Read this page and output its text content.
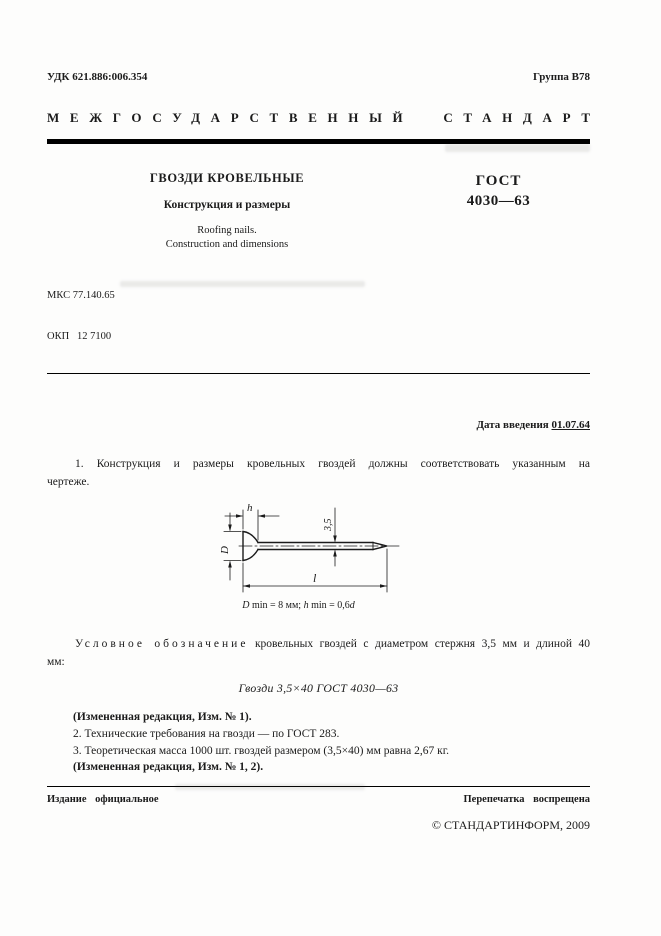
УДК 621.886:006.354	Группа В78
МЕЖГОСУДАРСТВЕННЫЙ СТАНДАРТ
ГВОЗДИ КРОВЕЛЬНЫЕ
Конструкция и размеры
Roofing nails.
Construction and dimensions
ГОСТ
4030—63

МКС 77.140.65

ОКП   12 7100

Дата введения 01.07.64

1. Конструкция и размеры кровельных гвоздей должны соответствовать указанным на чертеже.

h
D
3,5
l

D min = 8 мм; h min = 0,6d

Условное обозначение кровельных гвоздей с диаметром стержня 3,5 мм и длиной 40 мм:

Гвозди 3,5×40 ГОСТ 4030—63
(Измененная редакция, Изм. № 1).
2. Технические требования на гвозди — по ГОСТ 283.
3. Теоретическая масса 1000 шт. гвоздей размером (3,5×40) мм равна 2,67 кг.
(Измененная редакция, Изм. № 1, 2).
Издание официальное	Перепечатка воспрещена
© СТАНДАРТИНФОРМ, 2009
